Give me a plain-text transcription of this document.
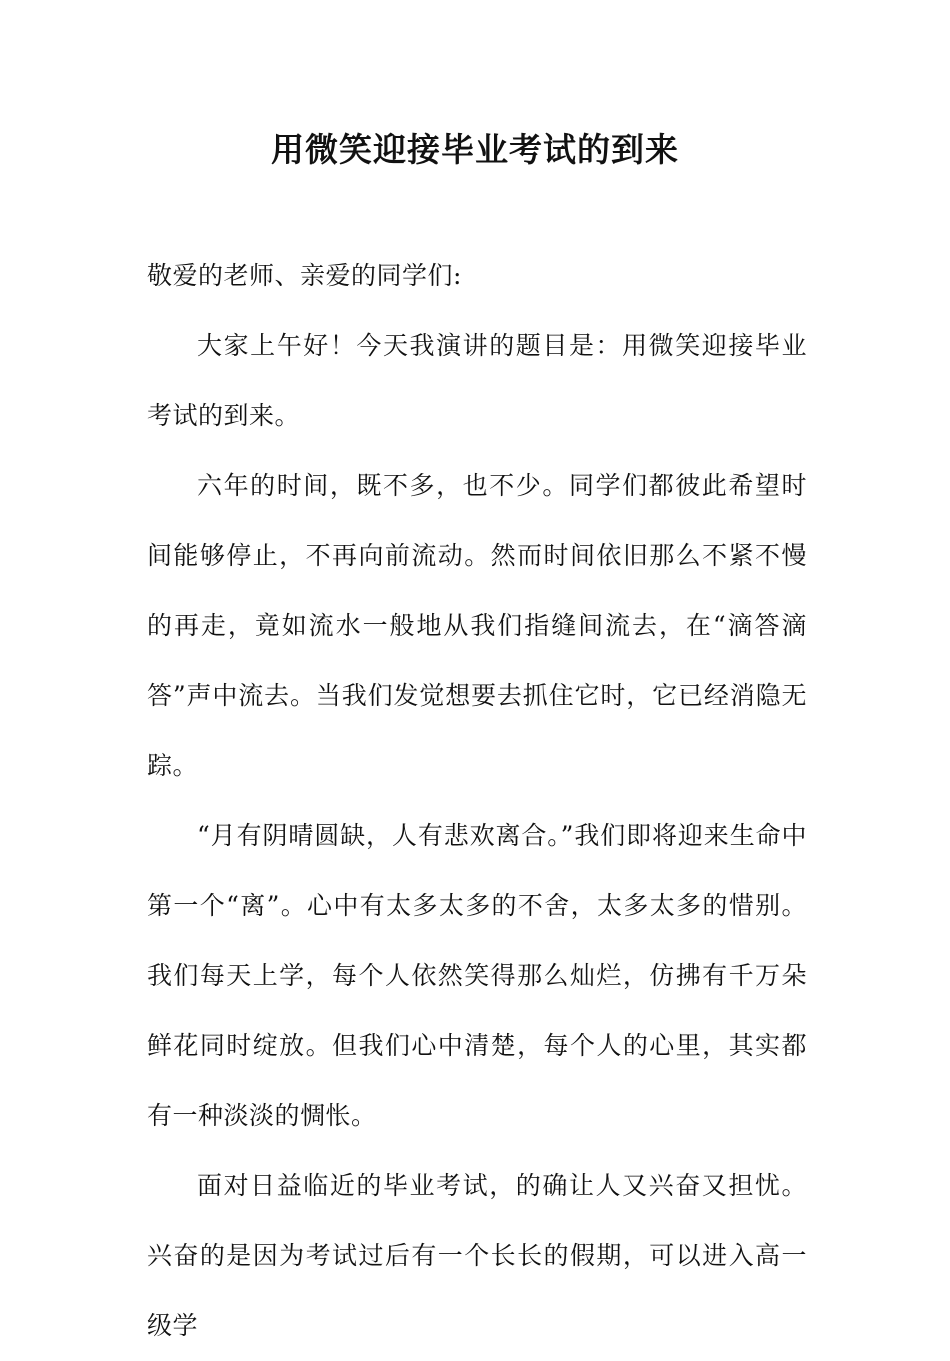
用微笑迎接毕业考试的到来

敬爱的老师、亲爱的同学们:

大家上午好！今天我演讲的题目是：用微笑迎接毕业考试的到来。

六年的时间，既不多，也不少。同学们都彼此希望时间能够停止，不再向前流动。然而时间依旧那么不紧不慢的再走，竟如流水一般地从我们指缝间流去，在“滴答滴答”声中流去。当我们发觉想要去抓住它时，它已经消隐无踪。

“月有阴晴圆缺，人有悲欢离合。”我们即将迎来生命中第一个“离”。心中有太多太多的不舍，太多太多的惜别。我们每天上学，每个人依然笑得那么灿烂，仿拂有千万朵鲜花同时绽放。但我们心中清楚，每个人的心里，其实都有一种淡淡的惆怅。

面对日益临近的毕业考试，的确让人又兴奋又担忧。兴奋的是因为考试过后有一个长长的假期，可以进入高一级学
